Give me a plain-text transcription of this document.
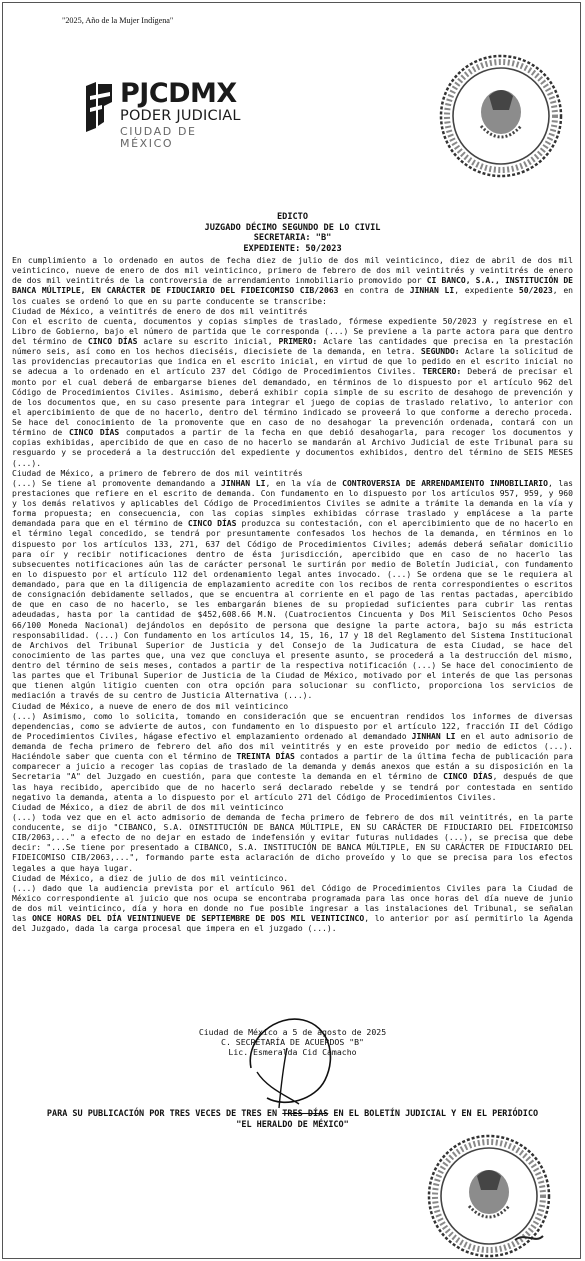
"2025, Año de la Mujer Indígena"
PJCDMX
PODER JUDICIAL
CIUDAD DE MÉXICO
EDICTO
JUZGADO DÉCIMO SEGUNDO DE LO CIVIL
SECRETARIA: "B"
EXPEDIENTE: 50/2023

En cumplimiento a lo ordenado en autos de fecha diez de julio de dos mil veinticinco, diez de abril de dos mil veinticinco, nueve de enero de dos mil veinticinco, primero de febrero de dos mil veintitrés y veintitrés de enero de dos mil veintitrés de la controversia de arrendamiento inmobiliario promovido por CI BANCO, S.A., INSTITUCIÓN DE BANCA MÚLTIPLE, EN CARÁCTER DE FIDUCIARIO DEL FIDEICOMISO CIB/2063 en contra de JINHAN LI, expediente 50/2023, en los cuales se ordenó lo que en su parte conducente se transcribe:

Ciudad de México, a veintitrés de enero de dos mil veintitrés

Con el escrito de cuenta, documentos y copias simples de traslado, fórmese expediente 50/2023 y regístrese en el Libro de Gobierno, bajo el número de partida que le corresponda (...) Se previene a la parte actora para que dentro del término de CINCO DÍAS aclare su escrito inicial, PRIMERO: Aclare las cantidades que precisa en la prestación número seis, así como en los hechos dieciséis, diecisiete de la demanda, en letra. SEGUNDO: Aclare la solicitud de las providencias precautorias que indica en el escrito inicial, en virtud de que lo pedido en el escrito inicial no se adecua a lo ordenado en el artículo 237 del Código de Procedimientos Civiles. TERCERO: Deberá de precisar el monto por el cual deberá de embargarse bienes del demandado, en términos de lo dispuesto por el artículo 962 del Código de Procedimientos Civiles. Asimismo, deberá exhibir copia simple de su escrito de desahogo de prevención y de los documentos que, en su caso presente para integrar el juego de copias de traslado relativo, lo anterior con el apercibimiento de que de no hacerlo, dentro del término indicado se proveerá lo que conforme a derecho proceda. Se hace del conocimiento de la promovente que en caso de no desahogar la prevención ordenada, contará con un término de CINCO DÍAS computados a partir de la fecha en que debió desahogarla, para recoger los documentos y copias exhibidas, apercibido de que en caso de no hacerlo se mandarán al Archivo Judicial de este Tribunal para su resguardo y se procederá a la destrucción del expediente y documentos exhibidos, dentro del término de SEIS MESES (...).

Ciudad de México, a primero de febrero de dos mil veintitrés

(...) Se tiene al promovente demandando a JINHAN LI, en la vía de CONTROVERSIA DE ARRENDAMIENTO INMOBILIARIO, las prestaciones que refiere en el escrito de demanda. Con fundamento en lo dispuesto por los artículos 957, 959, y 960 y los demás relativos y aplicables del Código de Procedimientos Civiles se admite a trámite la demanda en la vía y forma propuesta; en consecuencia, con las copias simples exhibidas córrase traslado y emplácese a la parte demandada para que en el término de CINCO DÍAS produzca su contestación, con el apercibimiento que de no hacerlo en el término legal concedido, se tendrá por presuntamente confesados los hechos de la demanda, en términos en lo dispuesto por los artículos 133, 271, 637 del Código de Procedimientos Civiles; además deberá señalar domicilio para oír y recibir notificaciones dentro de ésta jurisdicción, apercibido que en caso de no hacerlo las subsecuentes notificaciones aún las de carácter personal le surtirán por medio de Boletín Judicial, con fundamento en lo dispuesto por el artículo 112 del ordenamiento legal antes invocado. (...) Se ordena que se le requiera al demandado, para que en la diligencia de emplazamiento acredite con los recibos de renta correspondientes o escritos de consignación debidamente sellados, que se encuentra al corriente en el pago de las rentas pactadas, apercibido de que en caso de no hacerlo, se les embargarán bienes de su propiedad suficientes para cubrir las rentas adeudadas, hasta por la cantidad de $452,608.66 M.N. (Cuatrocientos Cincuenta y Dos Mil Seiscientos Ocho Pesos 66/100 Moneda Nacional) dejándolos en depósito de persona que designe la parte actora, bajo su más estricta responsabilidad. (...) Con fundamento en los artículos 14, 15, 16, 17 y 18 del Reglamento del Sistema Institucional de Archivos del Tribunal Superior de Justicia y del Consejo de la Judicatura de esta Ciudad, se hace del conocimiento de las partes que, una vez que concluya el presente asunto, se procederá a la destrucción del mismo, dentro del término de seis meses, contados a partir de la respectiva notificación (...) Se hace del conocimiento de las partes que el Tribunal Superior de Justicia de la Ciudad de México, motivado por el interés de que las personas que tienen algún litigio cuenten con otra opción para solucionar su conflicto, proporciona los servicios de mediación a través de su centro de Justicia Alternativa (...).

Ciudad de México, a nueve de enero de dos mil veinticinco

(...) Asimismo, como lo solicita, tomando en consideración que se encuentran rendidos los informes de diversas dependencias, como se advierte de autos, con fundamento en lo dispuesto por el artículo 122, fracción II del Código de Procedimientos Civiles, hágase efectivo el emplazamiento ordenado al demandado JINHAN LI en el auto admisorio de demanda de fecha primero de febrero del año dos mil veintitrés y en este proveido por medio de edictos (...). Haciéndole saber que cuenta con el término de TREINTA DÍAS contados a partir de la última fecha de publicación para comparecer a juicio a recoger las copias de traslado de la demanda y demás anexos que están a su disposición en la Secretaria "A" del Juzgado en cuestión, para que conteste la demanda en el término de CINCO DÍAS, después de que las haya recibido, apercibido que de no hacerlo será declarado rebelde y se tendrá por contestada en sentido negativo la demanda, atenta a lo dispuesto por el artículo 271 del Código de Procedimientos Civiles.

Ciudad de México, a diez de abril de dos mil veinticinco

(...) toda vez que en el acto admisorio de demanda de fecha primero de febrero de dos mil veintitrés, en la parte conducente, se dijo "CIBANCO, S.A. OINSTITUCIÓN DE BANCA MÚLTIPLE, EN SU CARÁCTER DE FIDUCIARIO DEL FIDEICOMISO CIB/2063,..." a efecto de no dejar en estado de indefensión y evitar futuras nulidades (...), se precisa que debe decir: "...Se tiene por presentado a CIBANCO, S.A. INSTITUCIÓN DE BANCA MÚLTIPLE, EN SU CARÁCTER DE FIDUCIARIO DEL FIDEICOMISO CIB/2063,...", formando parte esta aclaración de dicho proveído y lo que se precisa para los efectos legales a que haya lugar.

Ciudad de México, a diez de julio de dos mil veinticinco.

(...) dado que la audiencia prevista por el artículo 961 del Código de Procedimientos Civiles para la Ciudad de México correspondiente al juicio que nos ocupa se encontraba programada para las once horas del día nueve de junio de dos mil veinticinco, día y hora en donde no fue posible ingresar a las instalaciones del Tribunal, se señalan las ONCE HORAS DEL DÍA VEINTINUEVE DE SEPTIEMBRE DE DOS MIL VEINTICINCO, lo anterior por así permitirlo la Agenda del Juzgado, dada la carga procesal que impera en el juzgado (...).

Ciudad de México a 5 de agosto de 2025
C. SECRETARÍA DE ACUERDOS "B"
Lic. Esmeralda Cid Camacho
PARA SU PUBLICACIÓN POR TRES VECES DE TRES EN TRES DÍAS EN EL BOLETÍN JUDICIAL Y EN EL PERIÓDICO
"EL HERALDO DE MÉXICO"
